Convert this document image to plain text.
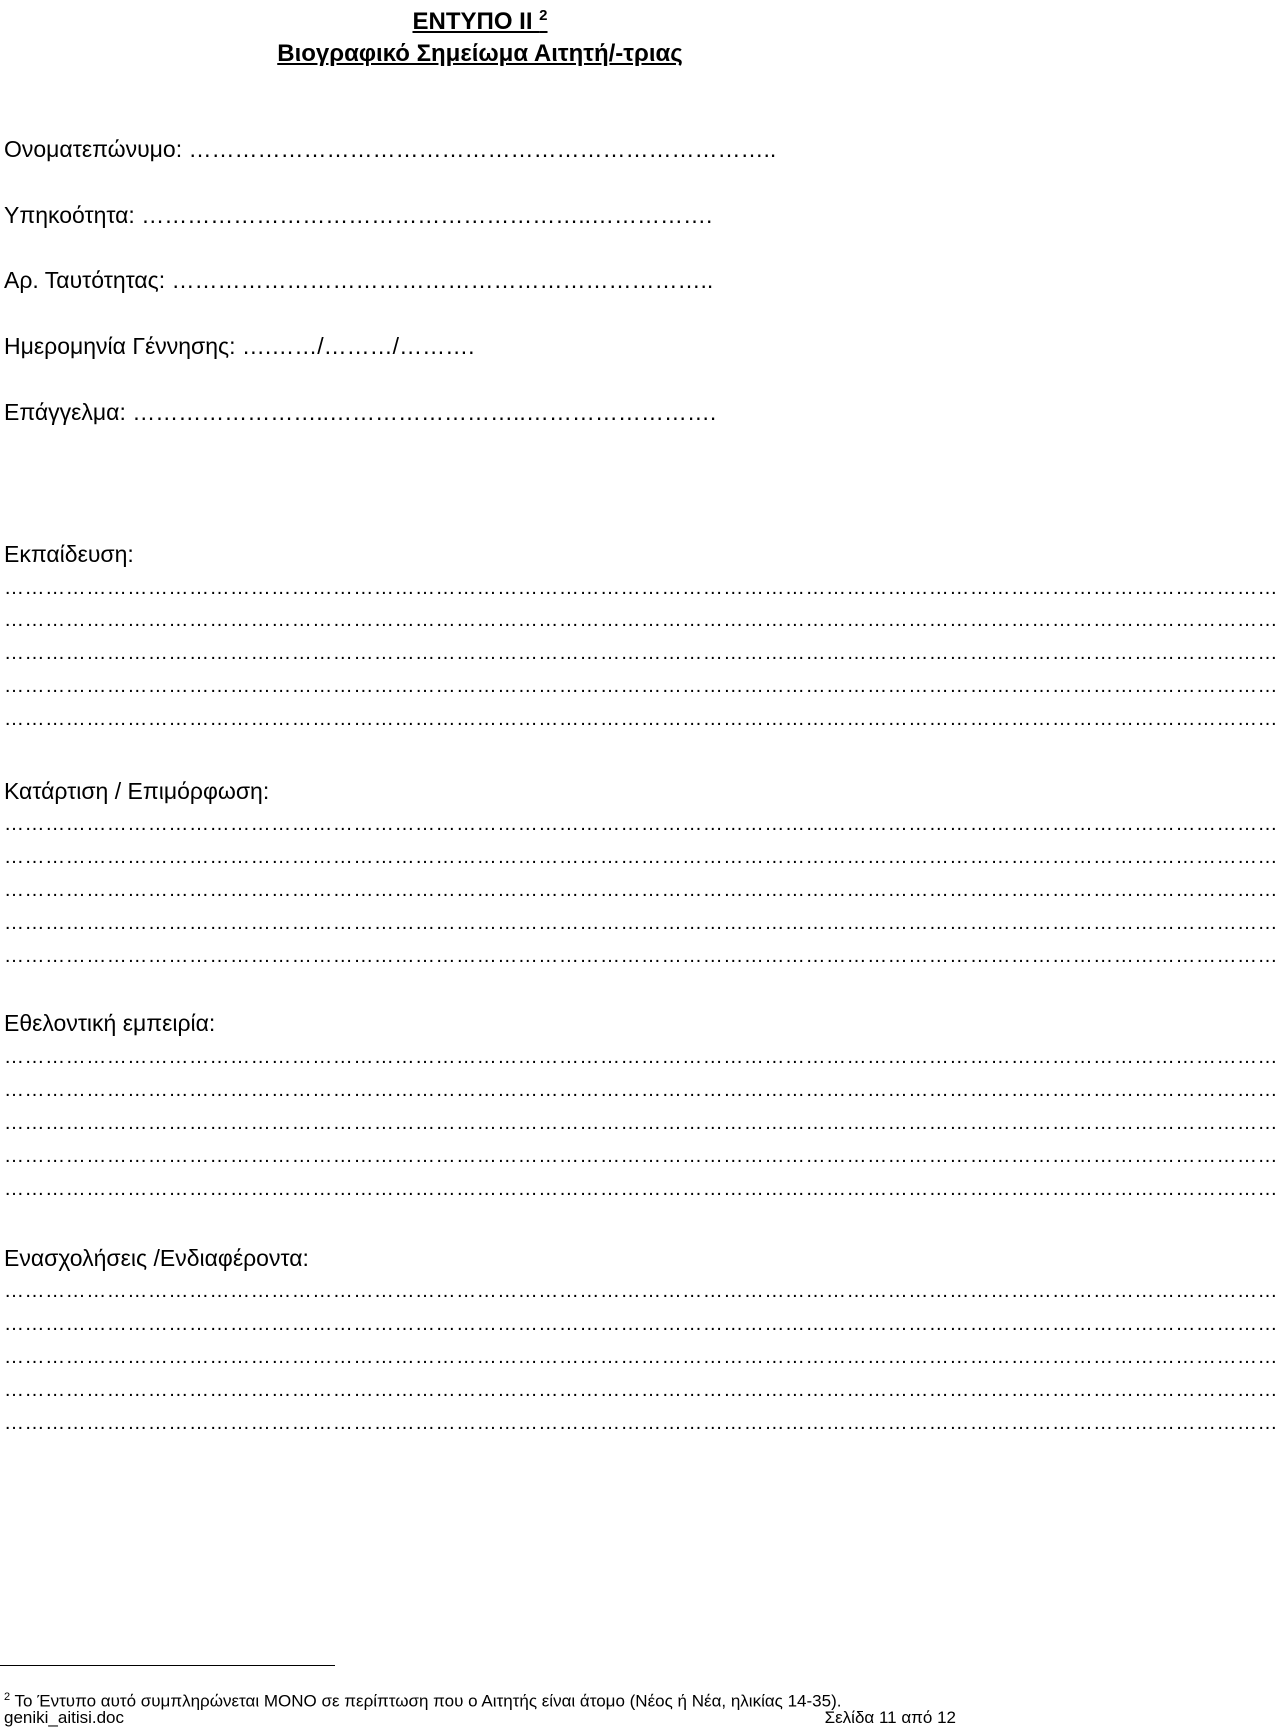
ΕΝΤΥΠΟ ΙΙ $^2$
Βιογραφικό Σημείωμα Αιτητή/-τριας
Ονοματεπώνυμο: …………………………………………………………………..
Υπηκοότητα: …………………………………………………..…………….
Αρ. Ταυτότητας: ……………………………………………………………..
Ημερομηνία Γέννησης: ….……/………/……….
Επάγγελμα: ……………………..……………………..…………………….
Εκπαίδευση:
……………………………………………………………………………………………………………………………………………………………………
……………………………………………………………………………………………………………………………………………………………………
……………………………………………………………………………………………………………………………………………………………………
……………………………………………………………………………………………………………………………………………………………………
……………………………………………………………………………………………………………………………………………………………………
Κατάρτιση / Επιμόρφωση:
……………………………………………………………………………………………………………………………………………………………………
……………………………………………………………………………………………………………………………………………………………………
……………………………………………………………………………………………………………………………………………………………………
……………………………………………………………………………………………………………………………………………………………………
……………………………………………………………………………………………………………………………………………………………………
Εθελοντική εμπειρία:
……………………………………………………………………………………………………………………………………………………………………
……………………………………………………………………………………………………………………………………………………………………
……………………………………………………………………………………………………………………………………………………………………
……………………………………………………………………………………………………………………………………………………………………
……………………………………………………………………………………………………………………………………………………………………
Ενασχολήσεις /Ενδιαφέροντα:
……………………………………………………………………………………………………………………………………………………………………
……………………………………………………………………………………………………………………………………………………………………
……………………………………………………………………………………………………………………………………………………………………
……………………………………………………………………………………………………………………………………………………………………
……………………………………………………………………………………………………………………………………………………………………
$^2$ Το Έντυπο αυτό συμπληρώνεται ΜΟΝΟ σε περίπτωση που ο Αιτητής είναι άτομο (Νέος ή Νέα, ηλικίας 14-35).
geniki_aitisi.doc	Σελίδα 11 από 12
